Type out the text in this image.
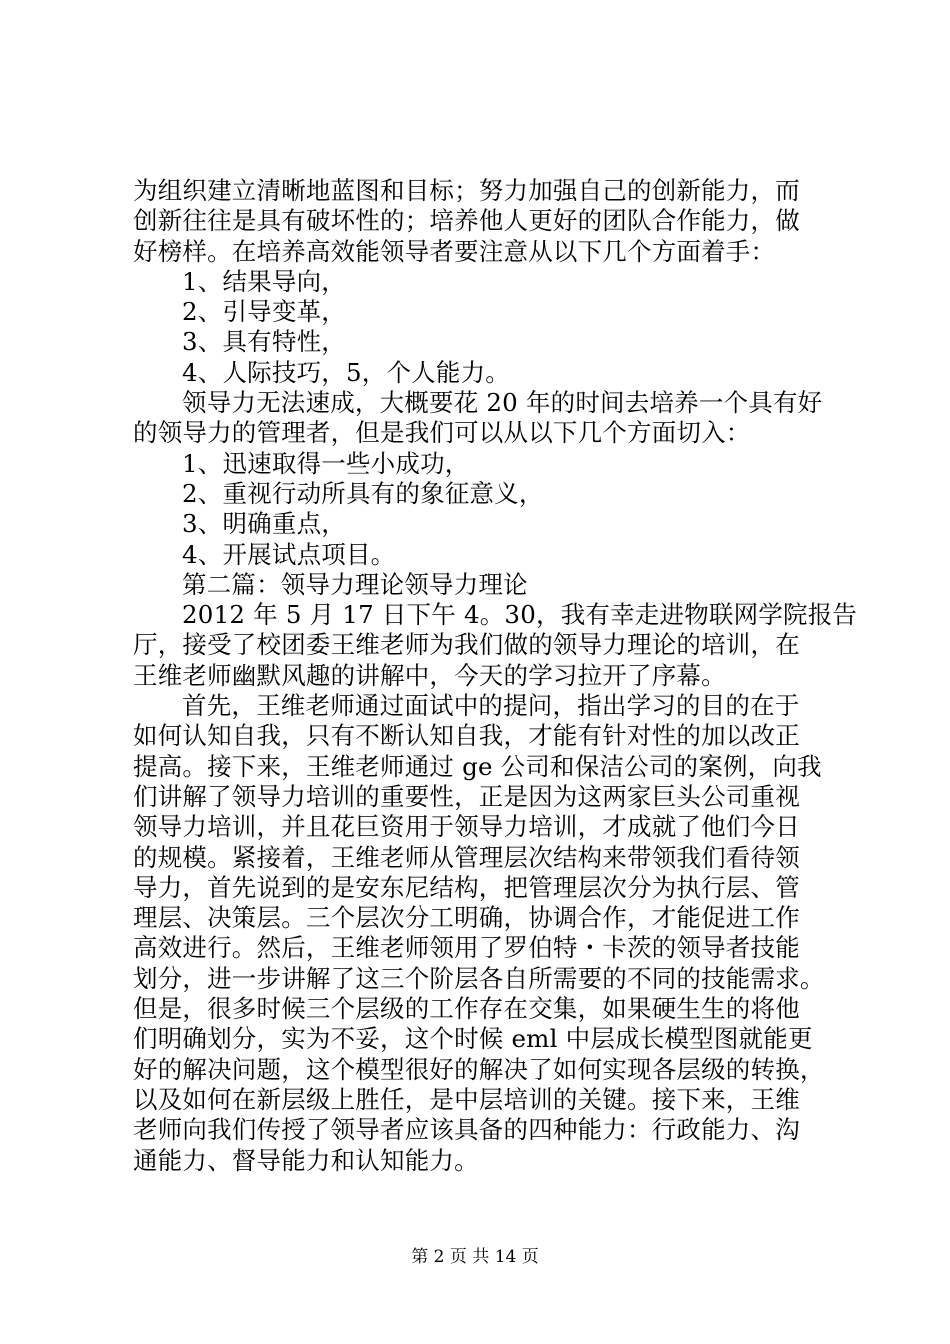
为组织建立清晰地蓝图和目标；努力加强自己的创新能力，而
创新往往是具有破坏性的；培养他人更好的团队合作能力，做
好榜样。在培养高效能领导者要注意从以下几个方面着手：
1、结果导向，
2、引导变革，
3、具有特性，
4、人际技巧，5，个人能力。
领导力无法速成，大概要花 20 年的时间去培养一个具有好
的领导力的管理者，但是我们可以从以下几个方面切入：
1、迅速取得一些小成功，
2、重视行动所具有的象征意义，
3、明确重点，
4、开展试点项目。
第二篇：领导力理论领导力理论
2012 年 5 月 17 日下午 4。30，我有幸走进物联网学院报告
厅，接受了校团委王维老师为我们做的领导力理论的培训，在
王维老师幽默风趣的讲解中，今天的学习拉开了序幕。
首先，王维老师通过面试中的提问，指出学习的目的在于
如何认知自我，只有不断认知自我，才能有针对性的加以改正
提高。接下来，王维老师通过 ge 公司和保洁公司的案例，向我
们讲解了领导力培训的重要性，正是因为这两家巨头公司重视
领导力培训，并且花巨资用于领导力培训，才成就了他们今日
的规模。紧接着，王维老师从管理层次结构来带领我们看待领
导力，首先说到的是安东尼结构，把管理层次分为执行层、管
理层、决策层。三个层次分工明确，协调合作，才能促进工作
高效进行。然后，王维老师领用了罗伯特・卡茨的领导者技能
划分，进一步讲解了这三个阶层各自所需要的不同的技能需求。
但是，很多时候三个层级的工作存在交集，如果硬生生的将他
们明确划分，实为不妥，这个时候 eml 中层成长模型图就能更
好的解决问题，这个模型很好的解决了如何实现各层级的转换，
以及如何在新层级上胜任，是中层培训的关键。接下来，王维
老师向我们传授了领导者应该具备的四种能力：行政能力、沟
通能力、督导能力和认知能力。
第 2 页 共 14 页
